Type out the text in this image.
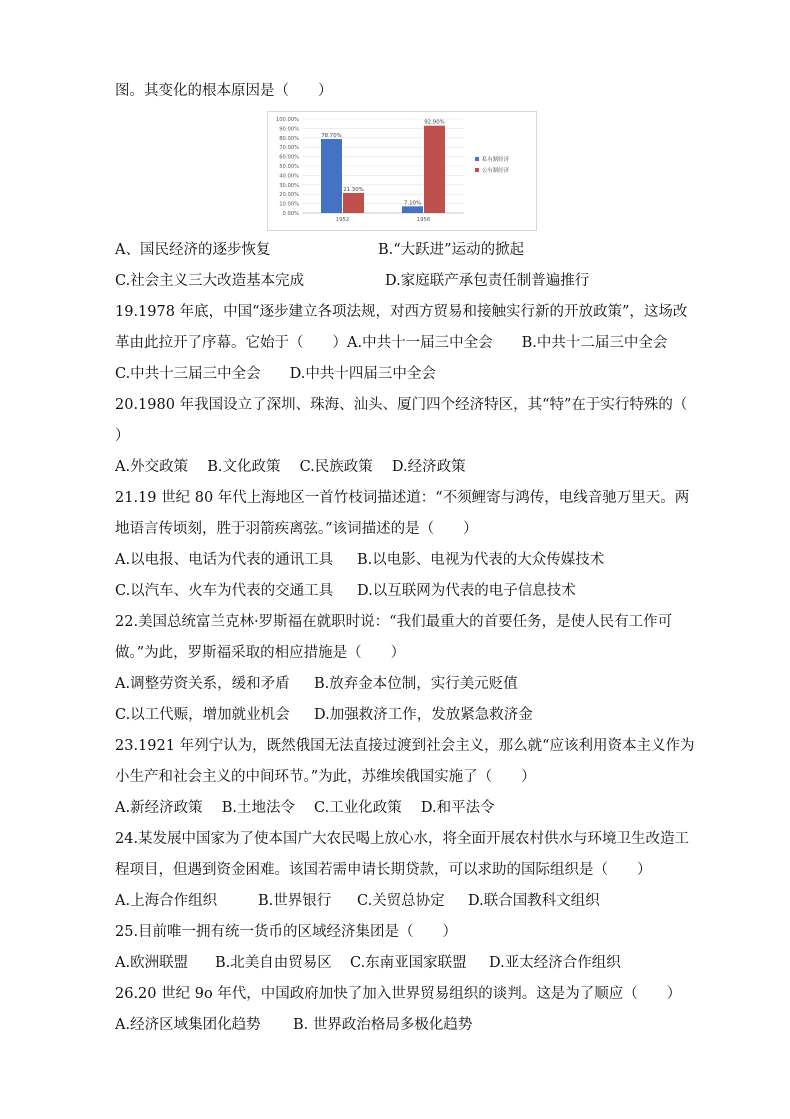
图。其变化的根本原因是（　　）
100.00%
90.00%
80.00%
70.00%
60.00%
50.00%
40.00%
30.00%
20.00%
10.00%
0.00%
78.70%
21.30%
1952
7.10%
92.90%
1956
私有制经济
公有制经济
A、国民经济的逐步恢复	B.“大跃进”运动的掀起
C.社会主义三大改造基本完成	D.家庭联产承包责任制普遍推行
19.1978 年底，中国“逐步建立各项法规，对西方贸易和接触实行新的开放政策”，这场改
革由此拉开了序幕。它始于（　　）A.中共十一届三中全会　　B.中共十二届三中全会
C.中共十三届三中全会　　D.中共十四届三中全会
20.1980 年我国设立了深圳、珠海、汕头、厦门四个经济特区，其“特”在于实行特殊的（
）
A.外交政策　 B.文化政策　 C.民族政策　 D.经济政策
21.19 世纪 80 年代上海地区一首竹枝词描述道：“不须鲤寄与鸿传，电线音驰万里天。两
地语言传顷刻，胜于羽箭疾离弦。”该词描述的是（　　）
A.以电报、电话为代表的通讯工具 B.以电影、电视为代表的大众传媒技术
C.以汽车、火车为代表的交通工具 D.以互联网为代表的电子信息技术
22.美国总统富兰克林·罗斯福在就职时说：“我们最重大的首要任务，是使人民有工作可
做。”为此，罗斯福采取的相应措施是（　　）
A.调整劳资关系，缓和矛盾 B.放弃金本位制，实行美元贬值
C.以工代赈，增加就业机会 D.加强救济工作，发放紧急救济金
23.1921 年列宁认为，既然俄国无法直接过渡到社会主义，那么就“应该利用资本主义作为
小生产和社会主义的中间环节。”为此，苏维埃俄国实施了（　　）
A.新经济政策　 B.土地法令　 C.工业化政策　 D.和平法令
24.某发展中国家为了使本国广大农民喝上放心水，将全面开展农村供水与环境卫生改造工
程项目，但遇到资金困难。该国若需申请长期贷款，可以求助的国际组织是（　　）
A.上海合作组织	B.世界银行 C.关贸总协定 D.联合国教科文组织
25.目前唯一拥有统一货币的区域经济集团是（　　）
A.欧洲联盟 B.北美自由贸易区 C.东南亚国家联盟 D.亚太经济合作组织
26.20 世纪 9o 年代，中国政府加快了加入世界贸易组织的谈判。这是为了顺应（　　）
A.经济区域集团化趋势 B. 世界政治格局多极化趋势
